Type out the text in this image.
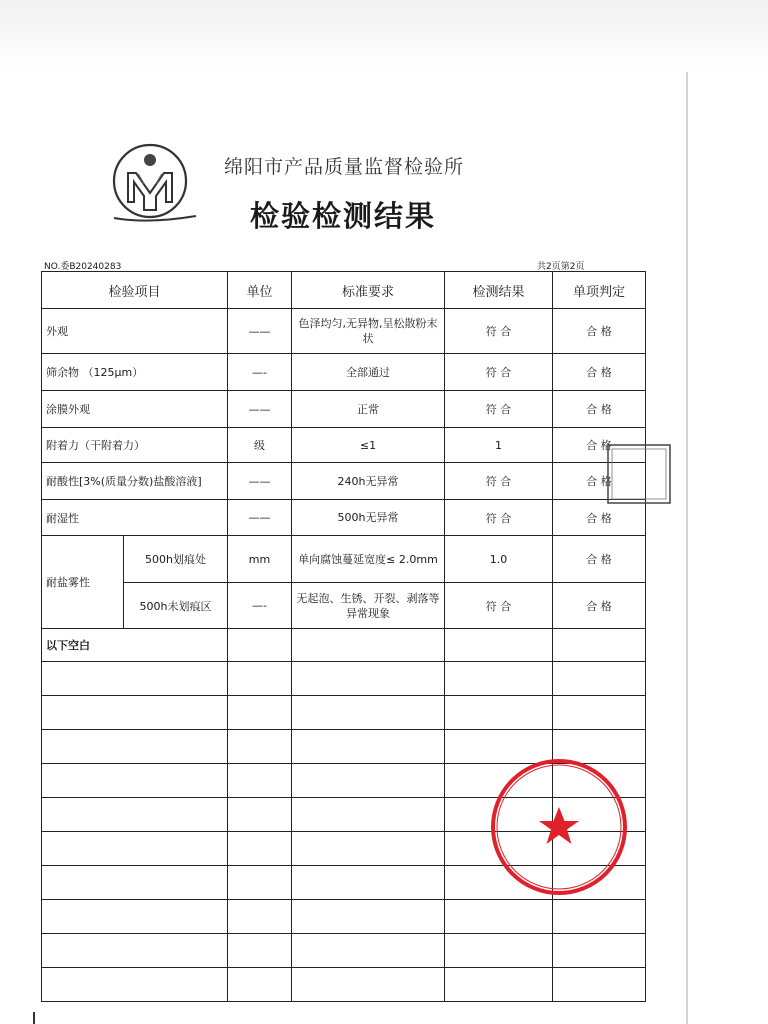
绵阳市产品质量监督检验所
检验检测结果
NO.委B20240283	共2页第2页
检验项目		单位	标准要求	检测结果	单项判定
外观		——	色泽均匀,无异物,呈松散粉末状	符 合	合 格
筛余物 （125μm）		—-	全部通过	符 合	合 格
涂膜外观		——	正常	符 合	合 格
附着力（干附着力）		级	≤1	1	合 格
耐酸性[3%(质量分数)盐酸溶液]		——	240h无异常	符 合	合 格
耐湿性		——	500h无异常	符 合	合 格
耐盐雾性	500h划痕处	mm	单向腐蚀蔓延宽度≤ 2.0mm	1.0	合 格
	500h未划痕区	—-	无起泡、生锈、开裂、剥落等异常现象	符 合	合 格
以下空白					
